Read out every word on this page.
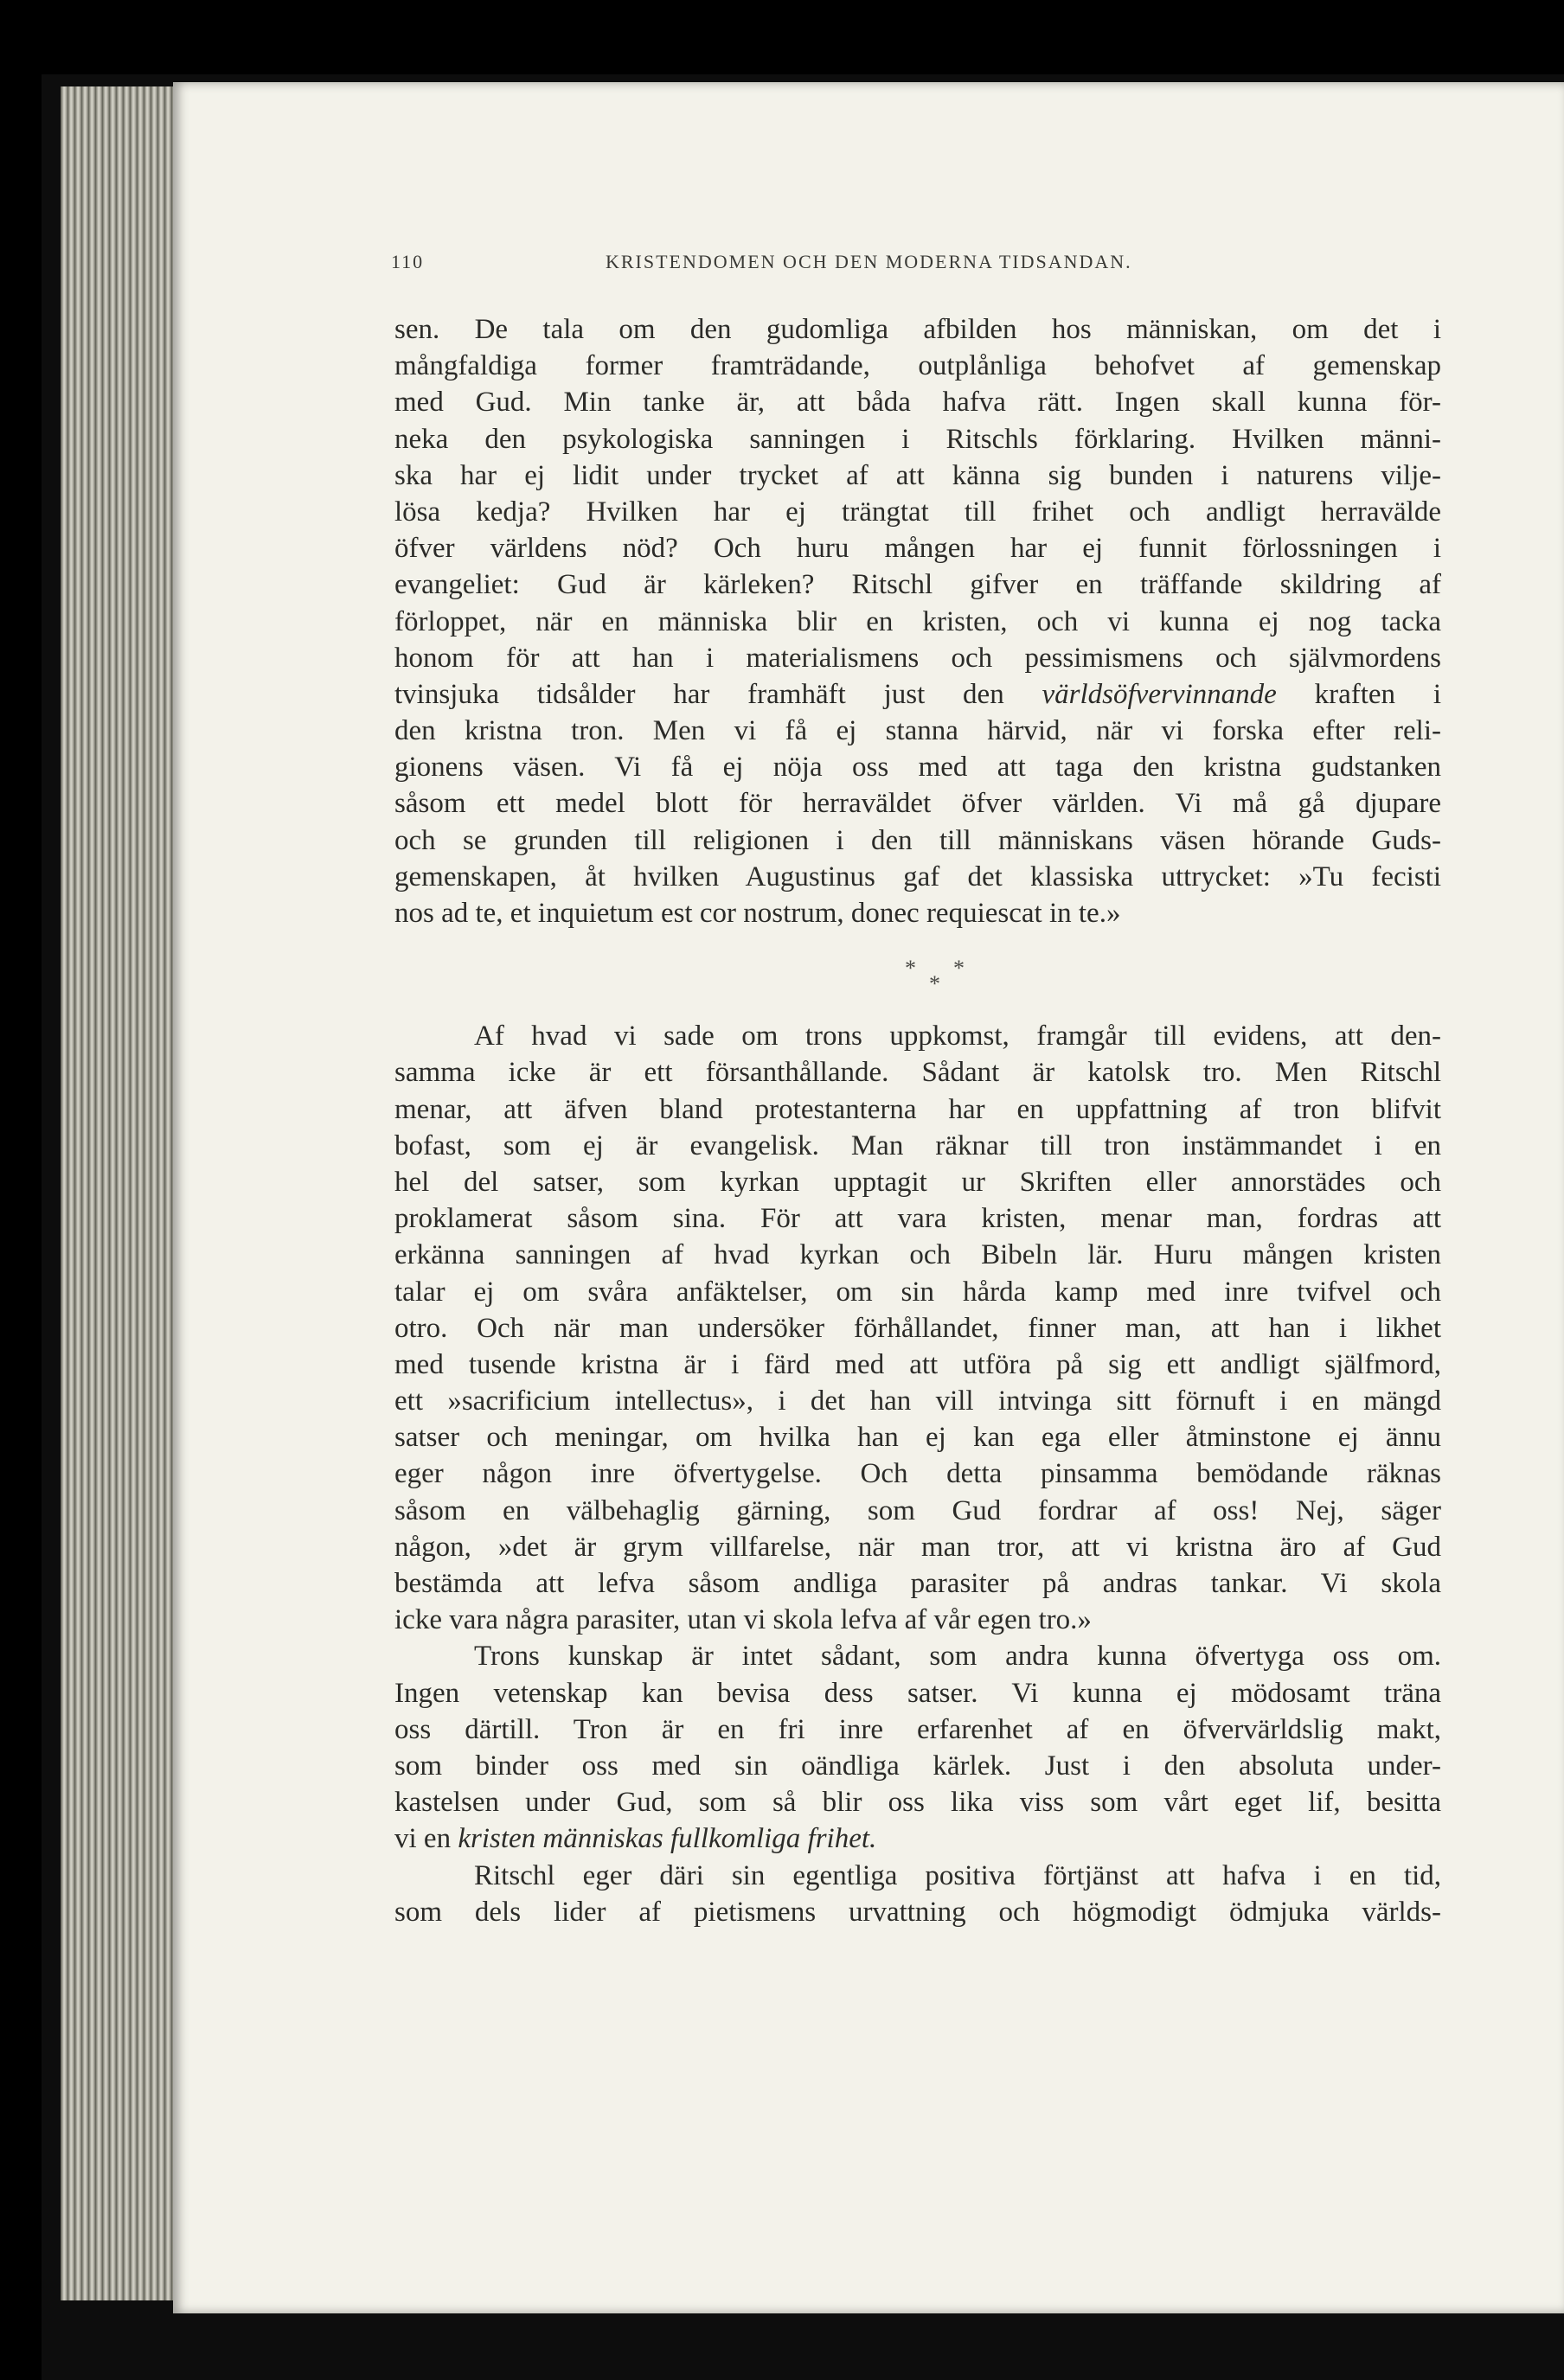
110	KRISTENDOMEN OCH DEN MODERNA TIDSANDAN.
sen. De tala om den gudomliga afbilden hos människan, om det i
mångfaldiga former framträdande, outplånliga behofvet af gemenskap
med Gud. Min tanke är, att båda hafva rätt. Ingen skall kunna för-
neka den psykologiska sanningen i Ritschls förklaring. Hvilken männi-
ska har ej lidit under trycket af att känna sig bunden i naturens vilje-
lösa kedja? Hvilken har ej trängtat till frihet och andligt herravälde
öfver världens nöd? Och huru mången har ej funnit förlossningen i
evangeliet: Gud är kärleken? Ritschl gifver en träffande skildring af
förloppet, när en människa blir en kristen, och vi kunna ej nog tacka
honom för att han i materialismens och pessimismens och självmordens
tvinsjuka tidsålder har framhäft just den världsöfvervinnande kraften i
den kristna tron. Men vi få ej stanna härvid, när vi forska efter reli-
gionens väsen. Vi få ej nöja oss med att taga den kristna gudstanken
såsom ett medel blott för herraväldet öfver världen. Vi må gå djupare
och se grunden till religionen i den till människans väsen hörande Guds-
gemenskapen, åt hvilken Augustinus gaf det klassiska uttrycket: »Tu fecisti
nos ad te, et inquietum est cor nostrum, donec requiescat in te.»
*
*
*
Af hvad vi sade om trons uppkomst, framgår till evidens, att den-
samma icke är ett försanthållande. Sådant är katolsk tro. Men Ritschl
menar, att äfven bland protestanterna har en uppfattning af tron blifvit
bofast, som ej är evangelisk. Man räknar till tron instämmandet i en
hel del satser, som kyrkan upptagit ur Skriften eller annorstädes och
proklamerat såsom sina. För att vara kristen, menar man, fordras att
erkänna sanningen af hvad kyrkan och Bibeln lär. Huru mången kristen
talar ej om svåra anfäktelser, om sin hårda kamp med inre tvifvel och
otro. Och när man undersöker förhållandet, finner man, att han i likhet
med tusende kristna är i färd med att utföra på sig ett andligt själfmord,
ett »sacrificium intellectus», i det han vill intvinga sitt förnuft i en mängd
satser och meningar, om hvilka han ej kan ega eller åtminstone ej ännu
eger någon inre öfvertygelse. Och detta pinsamma bemödande räknas
såsom en välbehaglig gärning, som Gud fordrar af oss! Nej, säger
någon, »det är grym villfarelse, när man tror, att vi kristna äro af Gud
bestämda att lefva såsom andliga parasiter på andras tankar. Vi skola
icke vara några parasiter, utan vi skola lefva af vår egen tro.»
Trons kunskap är intet sådant, som andra kunna öfvertyga oss om.
Ingen vetenskap kan bevisa dess satser. Vi kunna ej mödosamt träna
oss därtill. Tron är en fri inre erfarenhet af en öfvervärldslig makt,
som binder oss med sin oändliga kärlek. Just i den absoluta under-
kastelsen under Gud, som så blir oss lika viss som vårt eget lif, besitta
vi en kristen människas fullkomliga frihet.
Ritschl eger däri sin egentliga positiva förtjänst att hafva i en tid,
som dels lider af pietismens urvattning och högmodigt ödmjuka världs-
